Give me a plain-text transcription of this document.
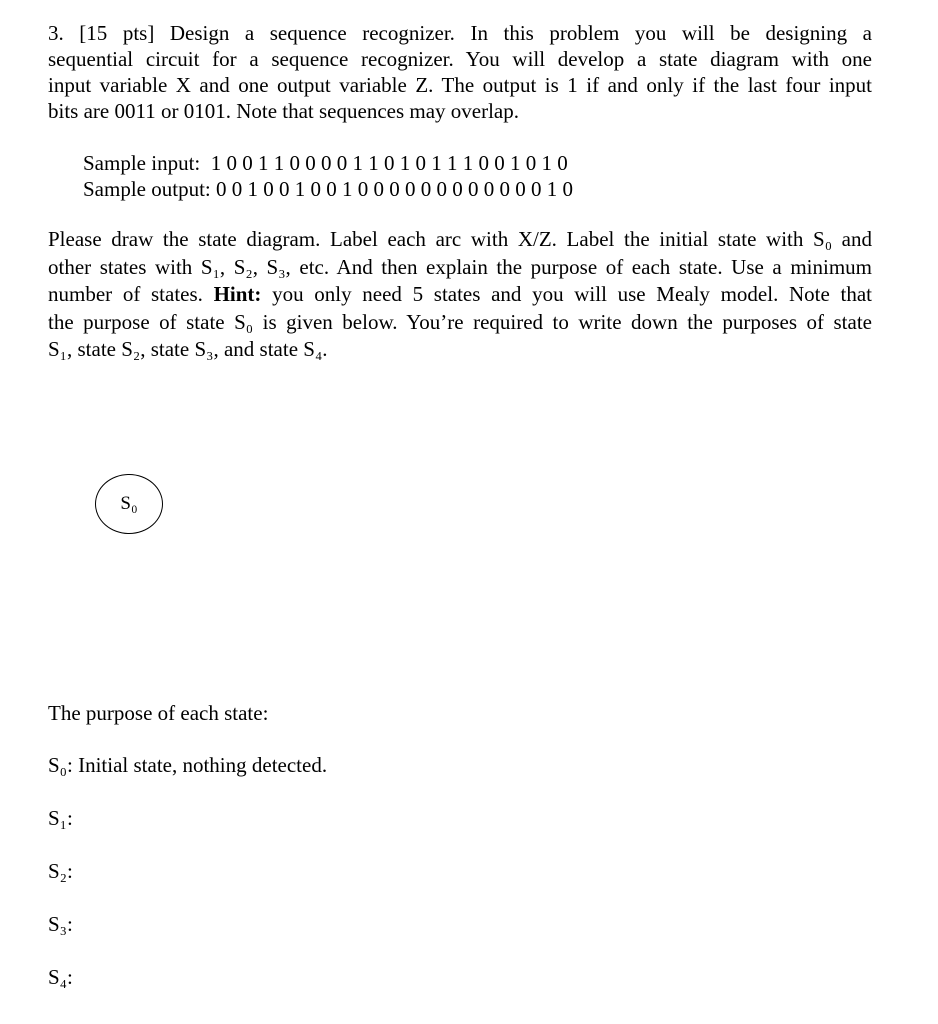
3. [15 pts] Design a sequence recognizer. In this problem you will be designing a
sequential circuit for a sequence recognizer. You will develop a state diagram with one
input variable X and one output variable Z. The output is 1 if and only if the last four input
bits are 0011 or 0101. Note that sequences may overlap.
Sample input:  1 0 0 1 1 0 0 0 0 1 1 0 1 0 1 1 1 0 0 1 0 1 0
Sample output: 0 0 1 0 0 1 0 0 1 0 0 0 0 0 0 0 0 0 0 0 0 1 0
Please draw the state diagram. Label each arc with X/Z. Label the initial state with S₀ and
other states with S₁, S₂, S₃, etc. And then explain the purpose of each state. Use a minimum
number of states. Hint: you only need 5 states and you will use Mealy model. Note that
the purpose of state S₀ is given below. You’re required to write down the purposes of state
S₁, state S₂, state S₃, and state S₄.
S₀
The purpose of each state:
S₀: Initial state, nothing detected.
S₁:
S₂:
S₃:
S₄:
